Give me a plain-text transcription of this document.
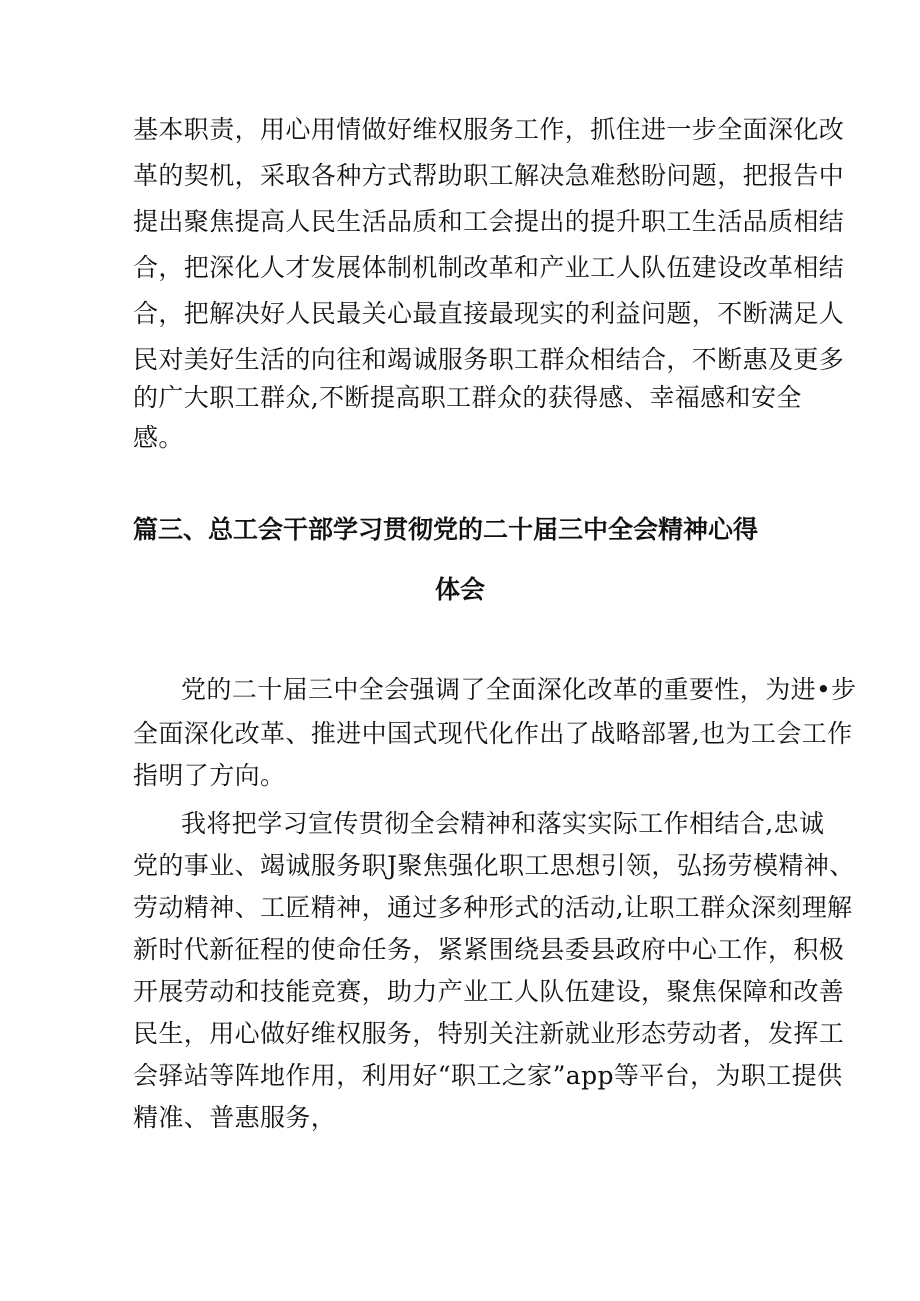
基本职责，用心用情做好维权服务工作，抓住进一步全面深化改
革的契机，采取各种方式帮助职工解决急难愁盼问题，把报告中
提出聚焦提高人民生活品质和工会提出的提升职工生活品质相结
合，把深化人才发展体制机制改革和产业工人队伍建设改革相结
合，把解决好人民最关心最直接最现实的利益问题，不断满足人
民对美好生活的向往和竭诚服务职工群众相结合，不断惠及更多
的广大职工群众,不断提高职工群众的获得感、幸福感和安全
感。
篇三、总工会干部学习贯彻党的二十届三中全会精神心得
体会
党的二十届三中全会强调了全面深化改革的重要性，为进•步
全面深化改革、推进中国式现代化作出了战略部署,也为工会工作
指明了方向。
我将把学习宣传贯彻全会精神和落实实际工作相结合,忠诚
党的事业、竭诚服务职J聚焦强化职工思想引领，弘扬劳模精神、
劳动精神、工匠精神，通过多种形式的活动,让职工群众深刻理解
新时代新征程的使命任务，紧紧围绕县委县政府中心工作，积极
开展劳动和技能竞赛，助力产业工人队伍建设，聚焦保障和改善
民生，用心做好维权服务，特别关注新就业形态劳动者，发挥工
会驿站等阵地作用，利用好“职工之家”app等平台，为职工提供
精准、普惠服务，
